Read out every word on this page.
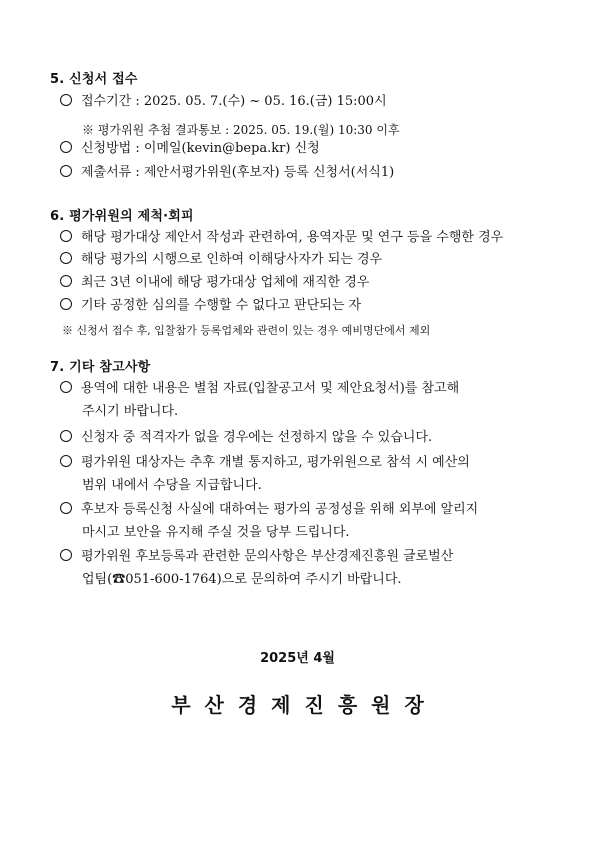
5. 신청서 접수
접수기간 : 2025. 05. 7.(수) ~ 05. 16.(금) 15:00시
※ 평가위원 추첨 결과통보 : 2025. 05. 19.(월) 10:30 이후
신청방법 : 이메일(kevin@bepa.kr) 신청
제출서류 : 제안서평가위원(후보자) 등록 신청서(서식1)
6. 평가위원의 제척·회피
해당 평가대상 제안서 작성과 관련하여, 용역자문 및 연구 등을 수행한 경우
해당 평가의 시행으로 인하여 이해당사자가 되는 경우
최근 3년 이내에 해당 평가대상 업체에 재직한 경우
기타 공정한 심의를 수행할 수 없다고 판단되는 자
※ 신청서 접수 후, 입찰참가 등록업체와 관련이 있는 경우 예비명단에서 제외
7. 기타 참고사항
용역에 대한 내용은 별첨 자료(입찰공고서 및 제안요청서)를 참고해
주시기 바랍니다.
신청자 중 적격자가 없을 경우에는 선정하지 않을 수 있습니다.
평가위원 대상자는 추후 개별 통지하고, 평가위원으로 참석 시 예산의
범위 내에서 수당을 지급합니다.
후보자 등록신청 사실에 대하여는 평가의 공정성을 위해 외부에 알리지
마시고 보안을 유지해 주실 것을 당부 드립니다.
평가위원 후보등록과 관련한 문의사항은 부산경제진흥원 글로벌산
업팀(☎051-600-1764)으로 문의하여 주시기 바랍니다.
2025년 4월
부산경제진흥원장
